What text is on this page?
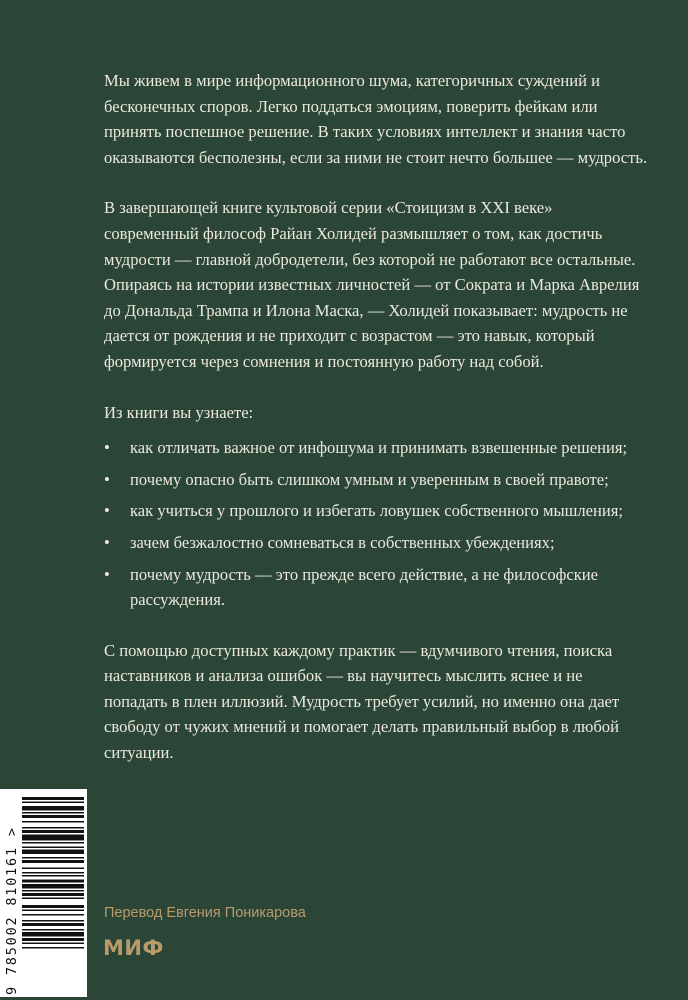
Мы живем в мире информационного шума, категоричных суждений и бесконечных споров. Легко поддаться эмоциям, поверить фейкам или принять поспешное решение. В таких условиях интеллект и знания часто оказываются бесполезны, если за ними не стоит нечто большее — мудрость.

В завершающей книге культовой серии «Стоицизм в XXI веке» современный философ Райан Холидей размышляет о том, как достичь мудрости — главной добродетели, без которой не работают все остальные. Опираясь на истории известных личностей — от Сократа и Марка Аврелия до Дональда Трампа и Илона Маска, — Холидей показывает: мудрость не дается от рождения и не приходит с возрастом — это навык, который формируется через сомнения и постоянную работу над собой.

Из книги вы узнаете:

• как отличать важное от инфошума и принимать взвешенные решения;
• почему опасно быть слишком умным и уверенным в своей правоте;
• как учиться у прошлого и избегать ловушек собственного мышления;
• зачем безжалостно сомневаться в собственных убеждениях;
• почему мудрость — это прежде всего действие, а не философские рассуждения.

С помощью доступных каждому практик — вдумчивого чтения, поиска наставников и анализа ошибок — вы научитесь мыслить яснее и не попадать в плен иллюзий. Мудрость требует усилий, но именно она дает свободу от чужих мнений и помогает делать правильный выбор в любой ситуации.

9 785002 810161 >	Перевод Евгения Поникарова
МИФ
